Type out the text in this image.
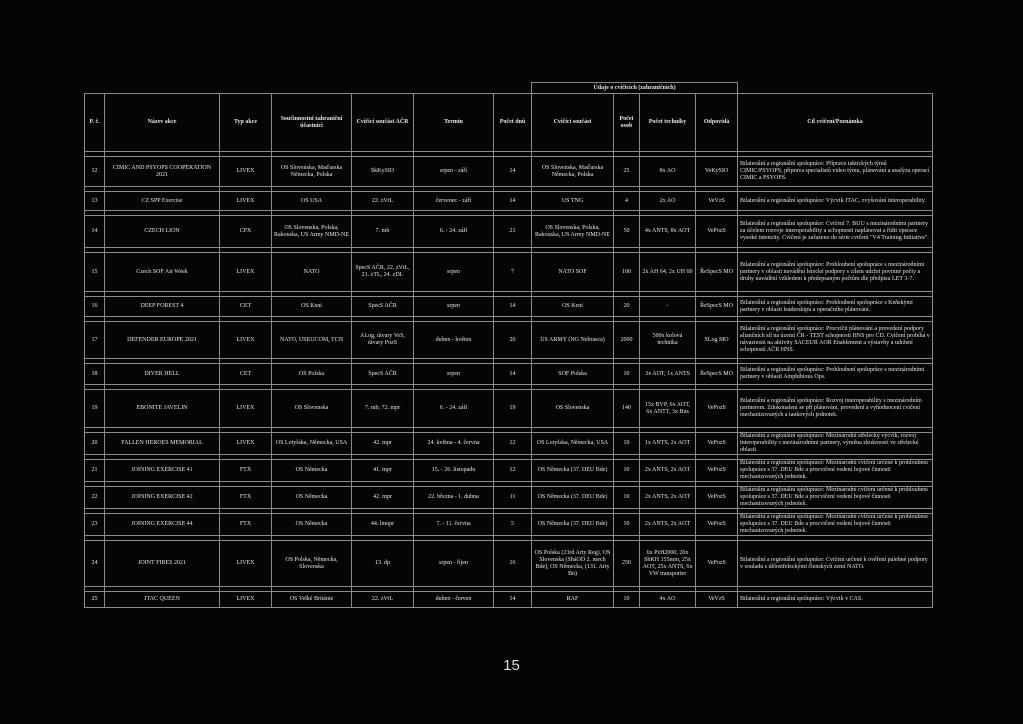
							Údaje o cvičících (zahraničních)				
P. č.	Název akce	Typ akce	Součinnostní zahraniční účastníci	Cvičící součást AČR	Termín	Počet dnů	Cvičící součást	Počet osob	Počet techniky	Odpovídá	Cíl cvičení/Poznámka

12	CIMIC AND PSYOPS COOPERATION 2021	LIVEX	OS Slovenska, Maďarska Německa, Polska	SkKySIO	srpen - září	14	OS Slovenska, Maďarska Německa, Polska	25	8x AO	VeKySIO	Bilaterální a regionální spolupráce: Příprava taktických týmů CIMIC/PSYOPS, příprava specialistů video týmu, plánování a analýza operací CIMIC a PSYOPS.

13	CZ SPP Exercise	LIVEX	OS USA	22. zVrL	červenec - září	14	US TNG	4	2x AO	VeVzS	Bilaterální a regionální spolupráce: Výcvik JTAC, zvyšování interoperability.

14	CZECH LION	CPX	OS Slovenska, Polska, Rakouska, US Army NMD-NE	7. mb	6. - 24. září	21	OS Slovenska, Polska, Rakouska, US Army NMD-NE	50	4x ANTS, 8x AOT	VePozS	Bilaterální a regionální spolupráce: Cvičení 7. BUU s mezinárodními partnery za účelem rozvoje interoperability a schopnosti naplánovat a řídit operace vysoké intenzity. Cvičení je zařazeno do série cvičení "V4 Training Initiative".

15	Czech SOF Air Week	LIVEX	NATO	SpecS AČR, 22. zVrL, 21. zTL, 24. zDL	srpen	7	NATO SOF	100	2x AH 64, 2x UH 60	ŘeSpecS MO	Bilaterální a regionální spolupráce: Prohloubení spolupráce s mezinárodními partnery v oblasti navádění letecké podpory s cílem udržet povinné počty a druhy navádění vzhledem k předepsaným počtům dle předpisu LET 3-7.

16	DEEP FOREST 4	CET	OS Keni	SpecS AČR	srpen	14	OS Keni	20	-	ŘeSpecS MO	Bilaterální a regionální spolupráce: Prohloubení spolupráce s Keňskými partnery v oblasti leadershipu a operačního plánování.

17	DEFENDER EUROPE 2021	LIVEX	NATO, USEUCOM, TCN	ALog, útvary VeS, útvary PozS	duben - květen	20	US ARMY (NG Nebrasca)	2000	500x kolová technika	SLog MO	Bilaterální a regionální spolupráce: Procvičit plánování a provedení podpory aliančních sil na území ČR - TEST schopnosti HNS pro CD. Cvičení probíhá v návaznosti na aktivity SACEUR AOR Enablement a výstavby a udržení schopností AČR HNS.

18	DIVER HELL	CET	OS Polska	SpecS AČR	srpen	14	SOF Polska	10	3x AOT, 1x ANTS	ŘeSpecS MO	Bilaterální a regionální spolupráce: Prohloubení spolupráce s mezinárodními partnery v oblasti Amphibious Ops.

19	EBONITE JAVELIN	LIVEX	OS Slovenska	7. mb, 72. mpr	6. - 24. září	19	OS Slovenska	140	15x BVP, 6x AOT, 6x ANTT, 3x Bus	VePozS	Bilaterální a regionální spolupráce: Rozvoj interoperability s mezinárodním partnerem. Zdokonalení se při plánování, provedení a vyhodnocení cvičení mechanizovaných a tankových jednotek.

20	FALLEN HEROES MEMORIAL	LIVEX	OS Lotyšska, Německa, USA	42. mpr	24. května - 4. června	12	OS Lotyšska, Německa, USA	10	1x ANTS, 2x AOT	VePozS	Bilaterální a regionální spolupráce: Mezinárodní střelecký výcvik, rozvoj interoperability s mezinárodními partnery, výměna zkušeností ve střelecké oblasti.

21	JOINING EXERCISE 41	FTX	OS Německa	41. mpr	15. - 26. listopadu	12	OS Německa (37. DEU Bde)	10	2x ANTS, 2x AOT	VePozS	Bilaterální a regionální spolupráce: Mezinárodní cvičení určené k prohloubení spolupráce s 37. DEU Bde a procvičení vedení bojové činnosti mechanizovaných jednotek.

22	JOINING EXERCISE 42	FTX	OS Německa	42. mpr	22. března - 1. dubna	11	OS Německa (37. DEU Bde)	10	2x ANTS, 2x AOT	VePozS	Bilaterální a regionální spolupráce: Mezinárodní cvičení určené k prohloubení spolupráce s 37. DEU Bde a procvičení vedení bojové činnosti mechanizovaných jednotek.

23	JOINING EXERCISE 44	FTX	OS Německa	44. lmopr	7. - 11. června	5	OS Německa (37. DEU Bde)	10	2x ANTS, 2x AOT	VePozS	Bilaterální a regionální spolupráce: Mezinárodní cvičení určené k prohloubení spolupráce s 37. DEU Bde a procvičení vedení bojové činnosti mechanizovaných jednotek.

24	JOINT FIRES 2021	LIVEX	OS Polska, Německa, Slovenska	13. dp	srpen - říjen	16	OS Polska (23rd Arty Reg), OS Slovenska (SháOD 2. mech Bde), OS Německa, (131. Arty Bn)	250	6x PzH2000, 20x ShKH 155mm, 25x AOT, 25x ANTS, 6x VW transporter	VePozS	Bilaterální a regionální spolupráce: Cvičení určené k ověření palebné podpory v souladu s dělostřeleckými členských zemí NATO.

25	JTAC QUEEN	LIVEX	OS Velké Británie	22. zVrL	duben - červen	14	RAF	10	4x AO	VeVzS	Bilaterální a regionální spolupráce: Výcvik v CAS.
15
